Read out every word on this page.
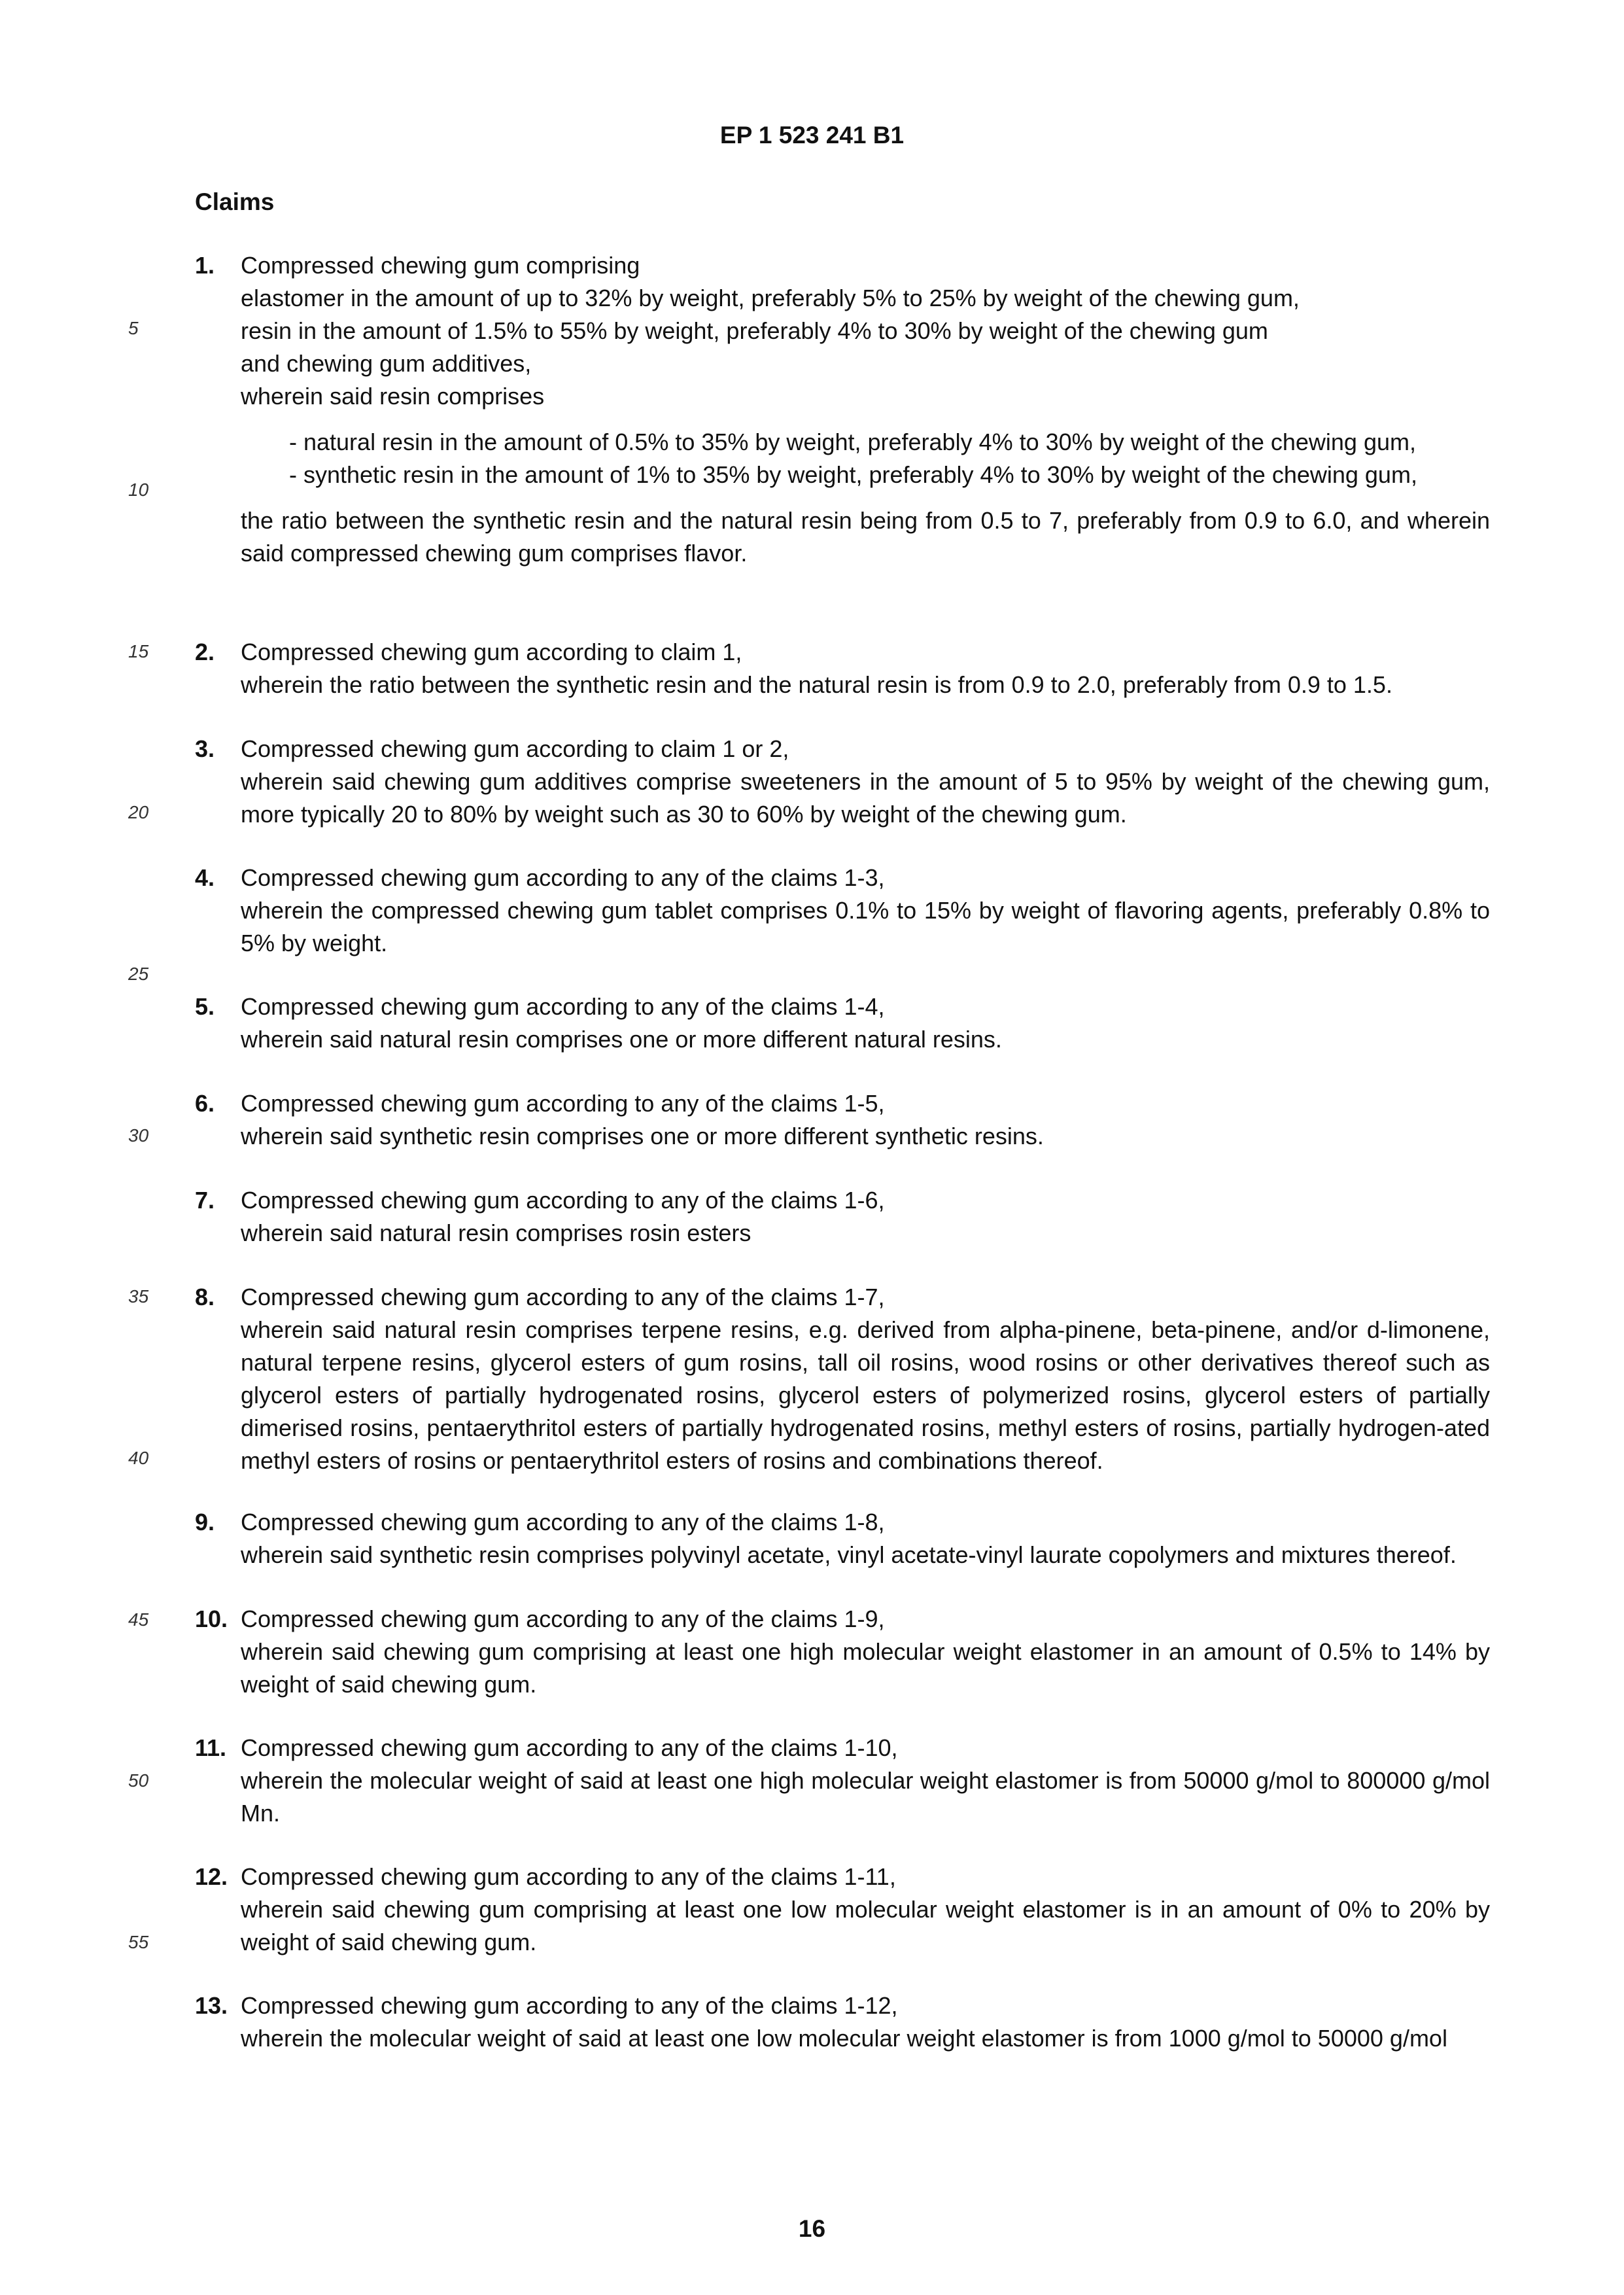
EP 1 523 241 B1
Claims
5
10
15
20
25
30
35
40
45
50
55
1. Compressed chewing gum comprising
elastomer in the amount of up to 32% by weight, preferably 5% to 25% by weight of the chewing gum,
resin in the amount of 1.5% to 55% by weight, preferably 4% to 30% by weight of the chewing gum
and chewing gum additives,
wherein said resin comprises
- natural resin in the amount of 0.5% to 35% by weight, preferably 4% to 30% by weight of the chewing gum,
- synthetic resin in the amount of 1% to 35% by weight, preferably 4% to 30% by weight of the chewing gum,
the ratio between the synthetic resin and the natural resin being from 0.5 to 7, preferably from 0.9 to 6.0, and wherein said compressed chewing gum comprises flavor.
2. Compressed chewing gum according to claim 1,
wherein the ratio between the synthetic resin and the natural resin is from 0.9 to 2.0, preferably from 0.9 to 1.5.
3. Compressed chewing gum according to claim 1 or 2,
wherein said chewing gum additives comprise sweeteners in the amount of 5 to 95% by weight of the chewing gum, more typically 20 to 80% by weight such as 30 to 60% by weight of the chewing gum.
4. Compressed chewing gum according to any of the claims 1-3,
wherein the compressed chewing gum tablet comprises 0.1% to 15% by weight of flavoring agents, preferably 0.8% to 5% by weight.
5. Compressed chewing gum according to any of the claims 1-4,
wherein said natural resin comprises one or more different natural resins.
6. Compressed chewing gum according to any of the claims 1-5,
wherein said synthetic resin comprises one or more different synthetic resins.
7. Compressed chewing gum according to any of the claims 1-6,
wherein said natural resin comprises rosin esters
8. Compressed chewing gum according to any of the claims 1-7,
wherein said natural resin comprises terpene resins, e.g. derived from alpha-pinene, beta-pinene, and/or d-limonene, natural terpene resins, glycerol esters of gum rosins, tall oil rosins, wood rosins or other derivatives thereof such as glycerol esters of partially hydrogenated rosins, glycerol esters of polymerized rosins, glycerol esters of partially dimerised rosins, pentaerythritol esters of partially hydrogenated rosins, methyl esters of rosins, partially hydrogen-ated methyl esters of rosins or pentaerythritol esters of rosins and combinations thereof.
9. Compressed chewing gum according to any of the claims 1-8,
wherein said synthetic resin comprises polyvinyl acetate, vinyl acetate-vinyl laurate copolymers and mixtures thereof.
10. Compressed chewing gum according to any of the claims 1-9,
wherein said chewing gum comprising at least one high molecular weight elastomer in an amount of 0.5% to 14% by weight of said chewing gum.
11. Compressed chewing gum according to any of the claims 1-10,
wherein the molecular weight of said at least one high molecular weight elastomer is from 50000 g/mol to 800000 g/mol Mn.
12. Compressed chewing gum according to any of the claims 1-11,
wherein said chewing gum comprising at least one low molecular weight elastomer is in an amount of 0% to 20% by weight of said chewing gum.
13. Compressed chewing gum according to any of the claims 1-12,
wherein the molecular weight of said at least one low molecular weight elastomer is from 1000 g/mol to 50000 g/mol
16
